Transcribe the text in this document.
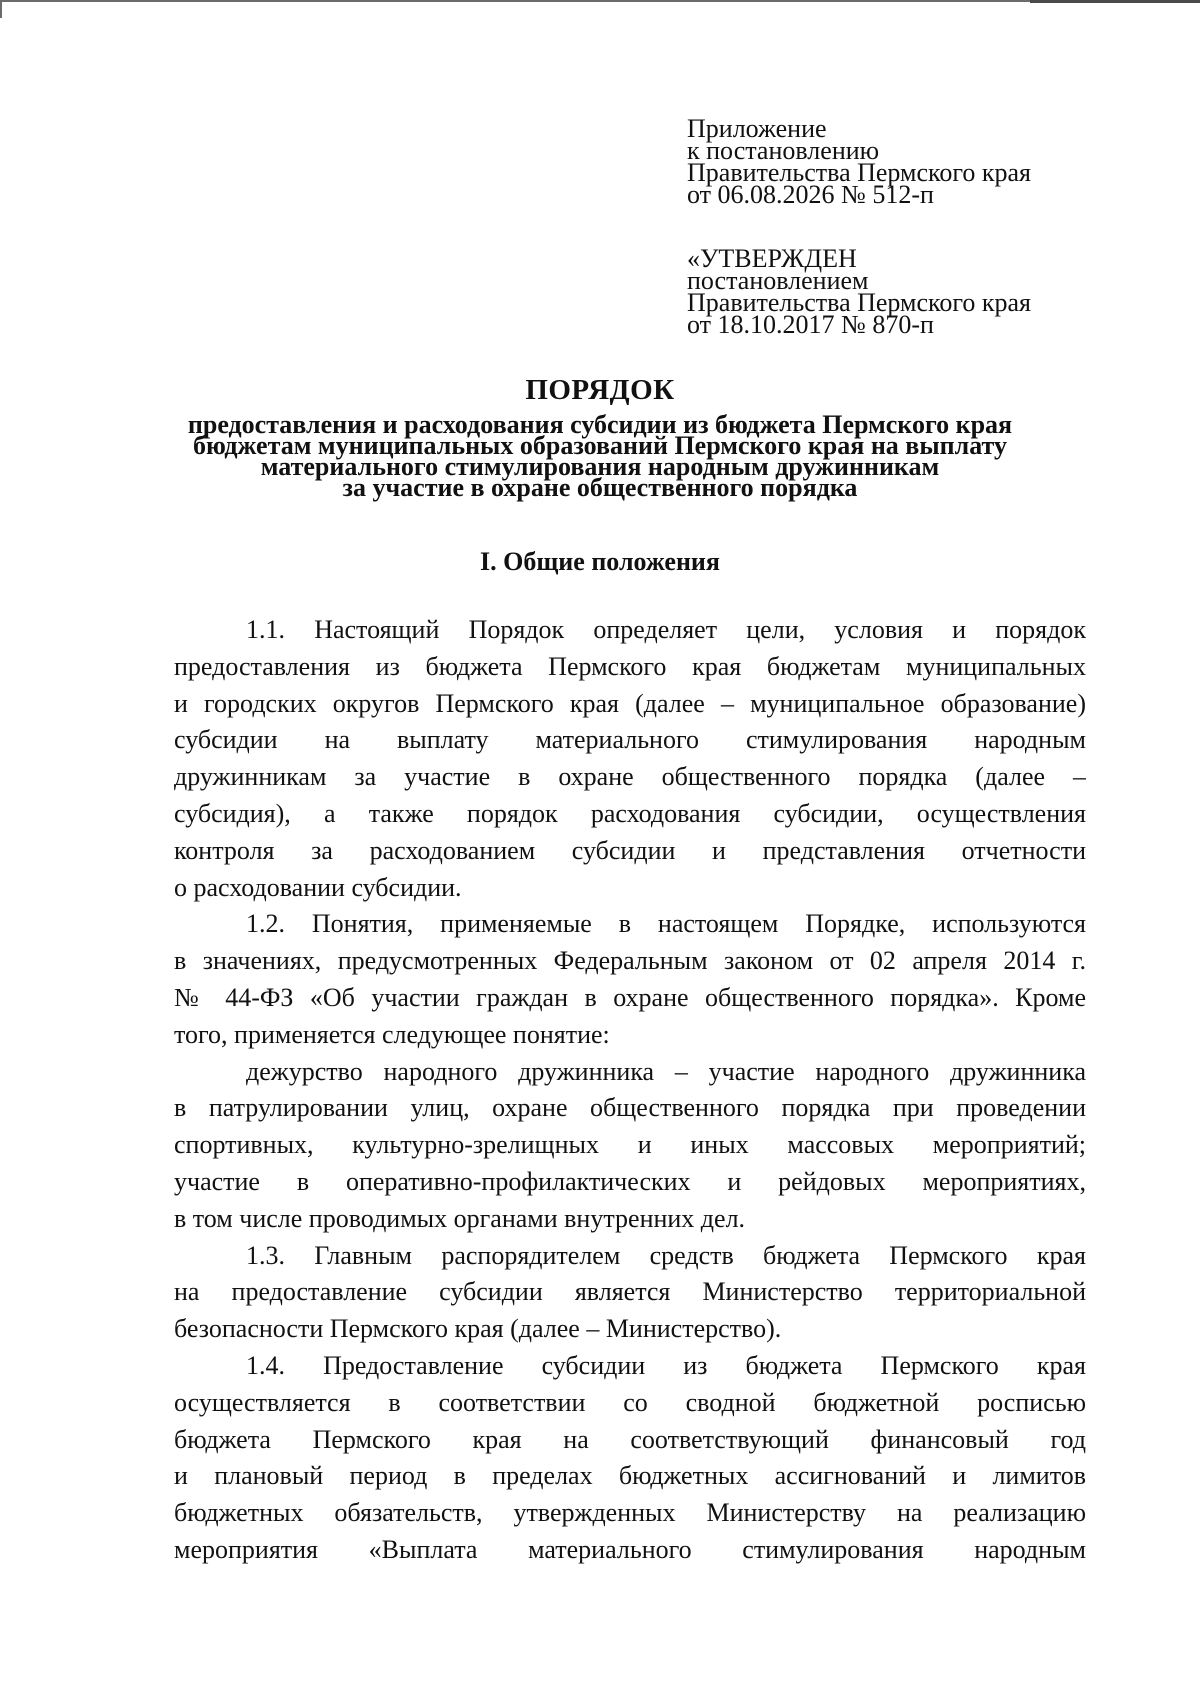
Приложение
к постановлению
Правительства Пермского края
от 06.08.2026 № 512-п
«УТВЕРЖДЕН
постановлением
Правительства Пермского края
от 18.10.2017 № 870-п
ПОРЯДОК
предоставления и расходования субсидии из бюджета Пермского края
бюджетам муниципальных образований Пермского края на выплату
материального стимулирования народным дружинникам
за участие в охране общественного порядка
I. Общие положения
1.1. Настоящий Порядок определяет цели, условия и порядок
предоставления из бюджета Пермского края бюджетам муниципальных
и городских округов Пермского края (далее – муниципальное образование)
субсидии на выплату материального стимулирования народным
дружинникам за участие в охране общественного порядка (далее –
субсидия), а также порядок расходования субсидии, осуществления
контроля за расходованием субсидии и представления отчетности
о расходовании субсидии.
1.2. Понятия, применяемые в настоящем Порядке, используются
в значениях, предусмотренных Федеральным законом от 02 апреля 2014 г.
№ 44-ФЗ «Об участии граждан в охране общественного порядка». Кроме
того, применяется следующее понятие:
дежурство народного дружинника – участие народного дружинника
в патрулировании улиц, охране общественного порядка при проведении
спортивных, культурно-зрелищных и иных массовых мероприятий;
участие в оперативно-профилактических и рейдовых мероприятиях,
в том числе проводимых органами внутренних дел.
1.3. Главным распорядителем средств бюджета Пермского края
на предоставление субсидии является Министерство территориальной
безопасности Пермского края (далее – Министерство).
1.4. Предоставление субсидии из бюджета Пермского края
осуществляется в соответствии со сводной бюджетной росписью
бюджета Пермского края на соответствующий финансовый год
и плановый период в пределах бюджетных ассигнований и лимитов
бюджетных обязательств, утвержденных Министерству на реализацию
мероприятия «Выплата материального стимулирования народным
